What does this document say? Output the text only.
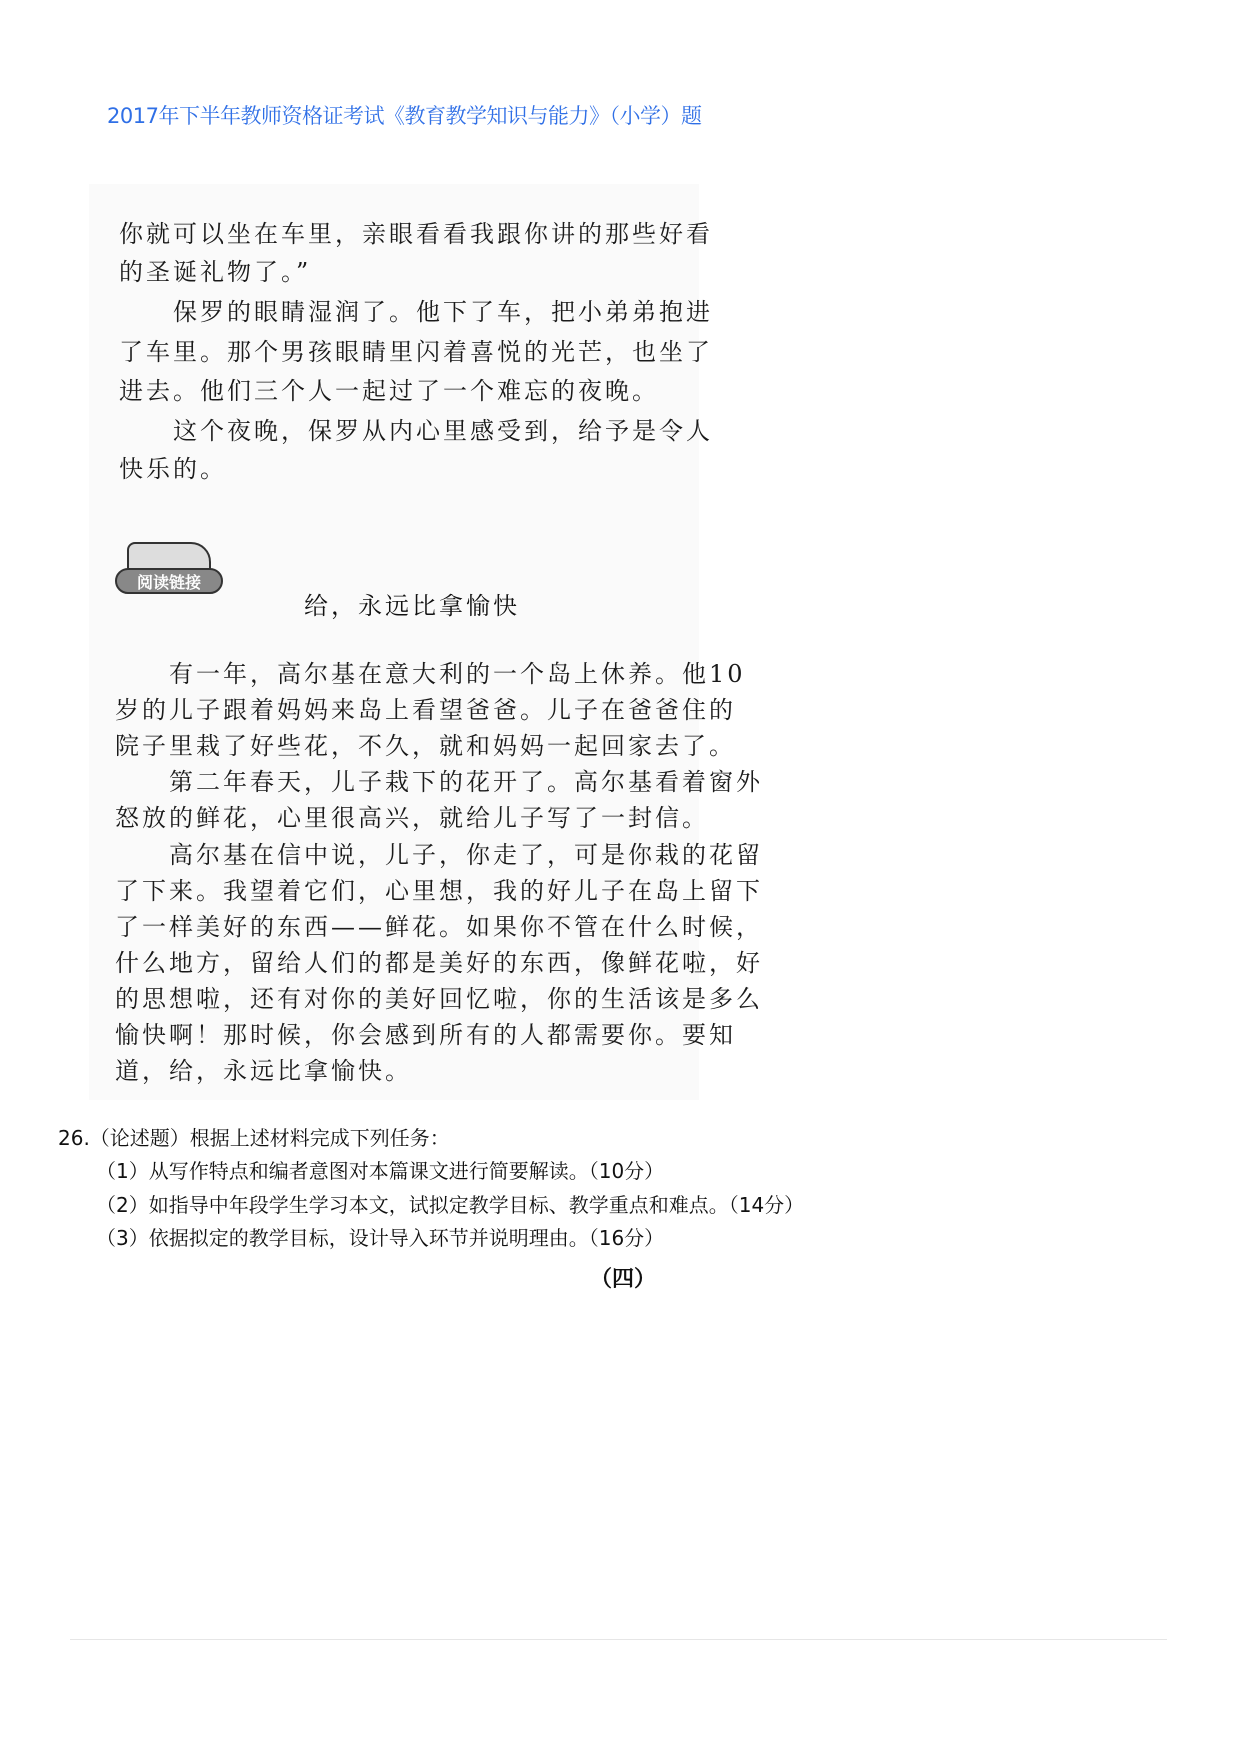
2017年下半年教师资格证考试《教育教学知识与能力》（小学）题
你就可以坐在车里，亲眼看看我跟你讲的那些好看
的圣诞礼物了。”
　　保罗的眼睛湿润了。他下了车，把小弟弟抱进
了车里。那个男孩眼睛里闪着喜悦的光芒，也坐了
进去。他们三个人一起过了一个难忘的夜晚。
　　这个夜晚，保罗从内心里感受到，给予是令人
快乐的。
阅读链接
给，永远比拿愉快
　　有一年，高尔基在意大利的一个岛上休养。他10
岁的儿子跟着妈妈来岛上看望爸爸。儿子在爸爸住的
院子里栽了好些花，不久，就和妈妈一起回家去了。
　　第二年春天，儿子栽下的花开了。高尔基看着窗外
怒放的鲜花，心里很高兴，就给儿子写了一封信。
　　高尔基在信中说，儿子，你走了，可是你栽的花留
了下来。我望着它们，心里想，我的好儿子在岛上留下
了一样美好的东西——鲜花。如果你不管在什么时候，
什么地方，留给人们的都是美好的东西，像鲜花啦，好
的思想啦，还有对你的美好回忆啦，你的生活该是多么
愉快啊！那时候，你会感到所有的人都需要你。要知
道，给，永远比拿愉快。
26.（论述题）根据上述材料完成下列任务：
（1）从写作特点和编者意图对本篇课文进行简要解读。（10分）
（2）如指导中年段学生学习本文，试拟定教学目标、教学重点和难点。（14分）
（3）依据拟定的教学目标，设计导入环节并说明理由。（16分）
（四）
